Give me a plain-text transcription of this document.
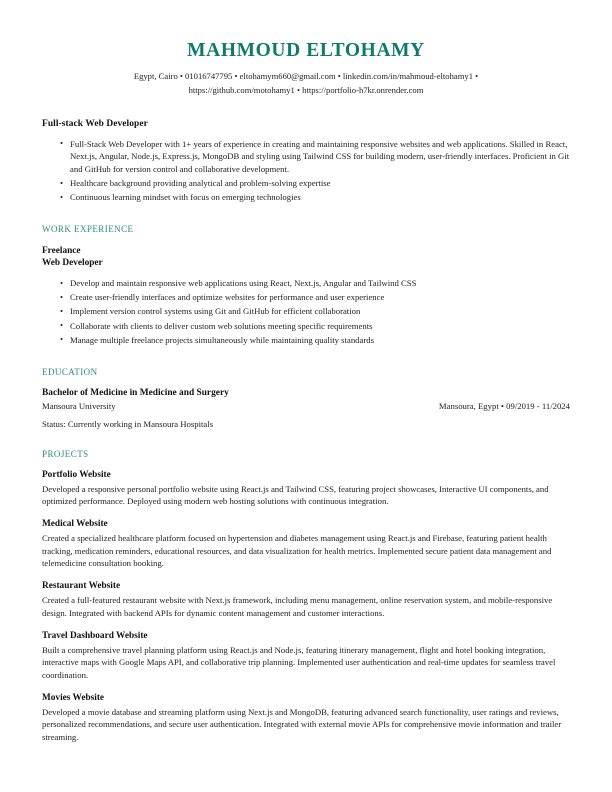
MAHMOUD ELTOHAMY
Egypt, Cairo • 01016747795 • eltohamym660@gmail.com • linkedin.com/in/mahmoud-eltohamy1 •
https://github.com/motohamy1 • https://portfolio-h7kr.onrender.com
Full-stack Web Developer
• Full-Stack Web Developer with 1+ years of experience in creating and maintaining responsive websites and web applications. Skilled in React, Next.js, Angular, Node.js, Express.js, MongoDB and styling using Tailwind CSS for building modern, user-friendly interfaces. Proficient in Git and GitHub for version control and collaborative development.
• Healthcare background providing analytical and problem-solving expertise
• Continuous learning mindset with focus on emerging technologies
WORK EXPERIENCE
Freelance
Web Developer
• Develop and maintain responsive web applications using React, Next.js, Angular and Tailwind CSS
• Create user-friendly interfaces and optimize websites for performance and user experience
• Implement version control systems using Git and GitHub for efficient collaboration
• Collaborate with clients to deliver custom web solutions meeting specific requirements
• Manage multiple freelance projects simultaneously while maintaining quality standards
EDUCATION
Bachelor of Medicine in Medicine and Surgery
Mansoura University	Mansoura, Egypt • 09/2019 - 11/2024
Status: Currently working in Mansoura Hospitals
PROJECTS
Portfolio Website
Developed a responsive personal portfolio website using React.js and Tailwind CSS, featuring project showcases, Interactive UI components, and optimized performance. Deployed using modern web hosting solutions with continuous integration.
Medical Website
Created a specialized healthcare platform focused on hypertension and diabetes management using React.js and Firebase, featuring patient health tracking, medication reminders, educational resources, and data visualization for health metrics. Implemented secure patient data management and telemedicine consultation booking.
Restaurant Website
Created a full-featured restaurant website with Next.js framework, including menu management, online reservation system, and mobile-responsive design. Integrated with backend APIs for dynamic content management and customer interactions.
Travel Dashboard Website
Built a comprehensive travel planning platform using React.js and Node.js, featuring itinerary management, flight and hotel booking integration, interactive maps with Google Maps API, and collaborative trip planning. Implemented user authentication and real-time updates for seamless travel coordination.
Movies Website
Developed a movie database and streaming platform using Next.js and MongoDB, featuring advanced search functionality, user ratings and reviews, personalized recommendations, and secure user authentication. Integrated with external movie APIs for comprehensive movie information and trailer streaming.
